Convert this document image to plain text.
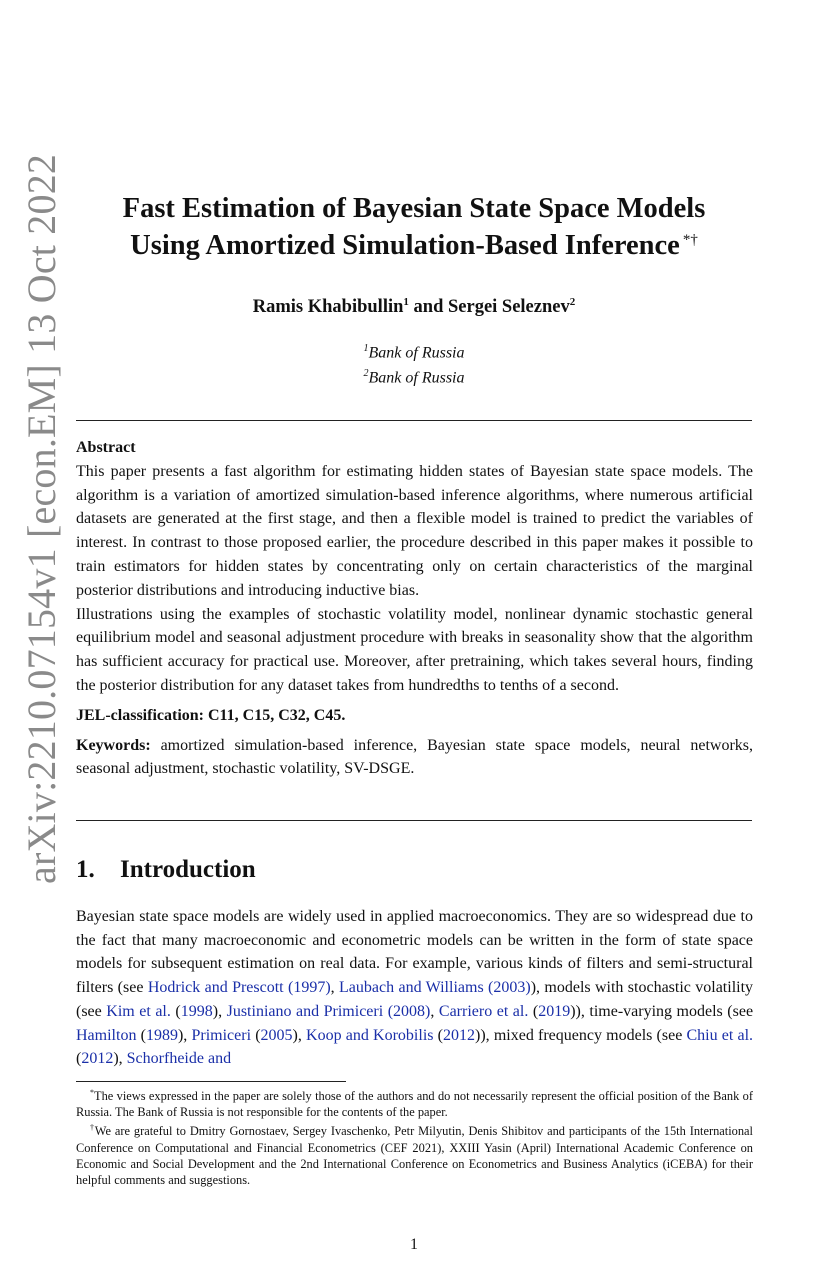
arXiv:2210.07154v1 [econ.EM] 13 Oct 2022	Fast Estimation of Bayesian State Space Models
Using Amortized Simulation-Based Inference *†
Ramis Khabibullin$^1$ and Sergei Seleznev$^2$
$^1$Bank of Russia
$^2$Bank of Russia

Abstract

This paper presents a fast algorithm for estimating hidden states of Bayesian state space models. The algorithm is a variation of amortized simulation-based inference algorithms, where numerous artificial datasets are generated at the first stage, and then a flexible model is trained to predict the variables of interest. In contrast to those proposed earlier, the procedure described in this paper makes it possible to train estimators for hidden states by concentrating only on certain characteristics of the marginal posterior distributions and introducing inductive bias.

Illustrations using the examples of stochastic volatility model, nonlinear dynamic stochastic general equilibrium model and seasonal adjustment procedure with breaks in seasonality show that the algorithm has sufficient accuracy for practical use. Moreover, after pretraining, which takes several hours, finding the posterior distribution for any dataset takes from hundredths to tenths of a second.

JEL-classification: C11, C15, C32, C45.

Keywords: amortized simulation-based inference, Bayesian state space models, neural networks, seasonal adjustment, stochastic volatility, SV-DSGE.

1. Introduction

Bayesian state space models are widely used in applied macroeconomics. They are so widespread due to the fact that many macroeconomic and econometric models can be written in the form of state space models for subsequent estimation on real data. For example, various kinds of filters and semi-structural filters (see Hodrick and Prescott (1997), Laubach and Williams (2003)), models with stochastic volatility (see Kim et al. (1998), Justiniano and Primiceri (2008), Carriero et al. (2019)), time-varying models (see Hamilton (1989), Primiceri (2005), Koop and Korobilis (2012)), mixed frequency models (see Chiu et al. (2012), Schorfheide and

*The views expressed in the paper are solely those of the authors and do not necessarily represent the official position of the Bank of Russia. The Bank of Russia is not responsible for the contents of the paper.

†We are grateful to Dmitry Gornostaev, Sergey Ivaschenko, Petr Milyutin, Denis Shibitov and participants of the 15th International Conference on Computational and Financial Econometrics (CEF 2021), XXIII Yasin (April) International Academic Conference on Economic and Social Development and the 2nd International Conference on Econometrics and Business Analytics (iCEBA) for their helpful comments and suggestions.

1
